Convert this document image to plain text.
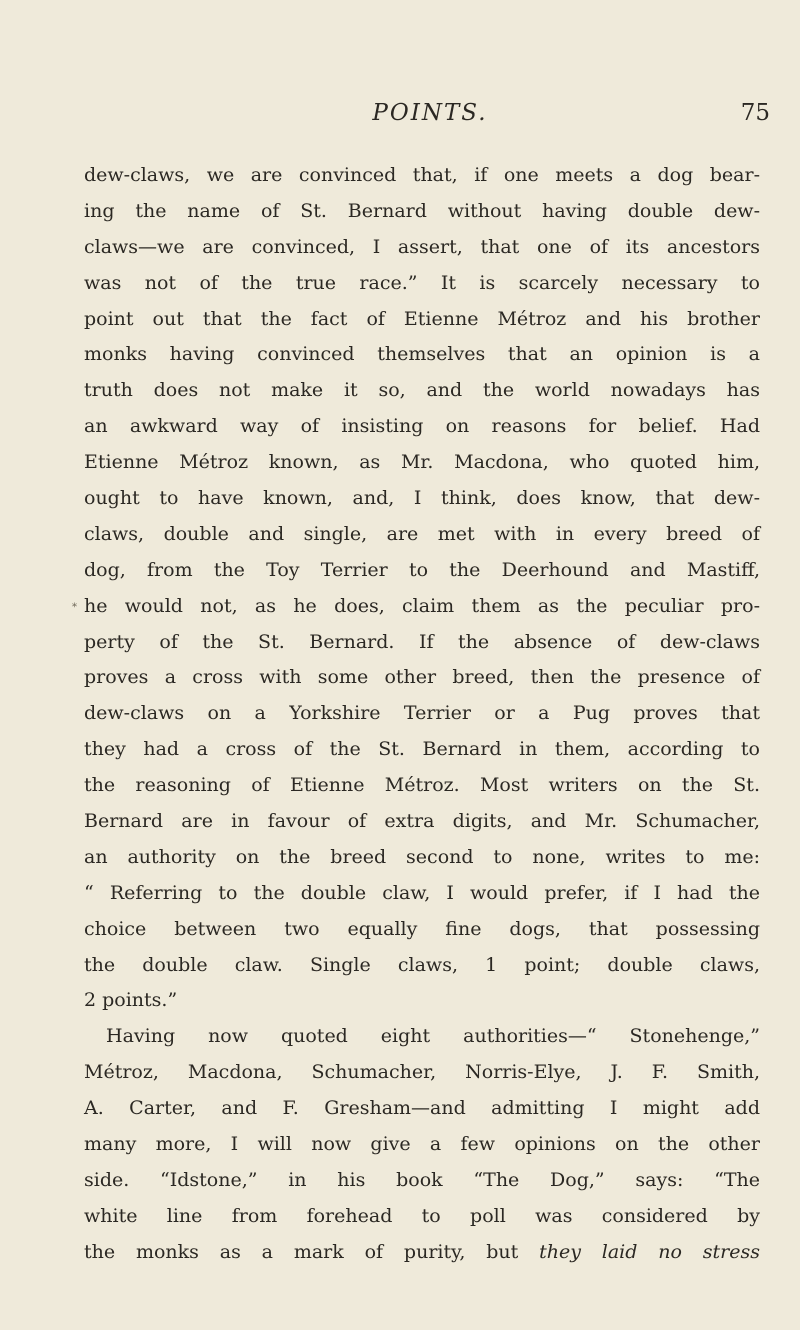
POINTS.	75
*
dew-claws, we are convinced that, if one meets a dog bear-
ing the name of St. Bernard without having double dew-
claws—we are convinced, I assert, that one of its ancestors
was not of the true race.” It is scarcely necessary to
point out that the fact of Etienne Métroz and his brother
monks having convinced themselves that an opinion is a
truth does not make it so, and the world nowadays has
an awkward way of insisting on reasons for belief. Had
Etienne Métroz known, as Mr. Macdona, who quoted him,
ought to have known, and, I think, does know, that dew-
claws, double and single, are met with in every breed of
dog, from the Toy Terrier to the Deerhound and Mastiff,
he would not, as he does, claim them as the peculiar pro-
perty of the St. Bernard. If the absence of dew-claws
proves a cross with some other breed, then the presence of
dew-claws on a Yorkshire Terrier or a Pug proves that
they had a cross of the St. Bernard in them, according to
the reasoning of Etienne Métroz. Most writers on the St.
Bernard are in favour of extra digits, and Mr. Schumacher,
an authority on the breed second to none, writes to me:
“ Referring to the double claw, I would prefer, if I had the
choice between two equally fine dogs, that possessing
the double claw. Single claws, 1 point; double claws,
2 points.”
Having now quoted eight authorities—“ Stonehenge,”
Métroz, Macdona, Schumacher, Norris-Elye, J. F. Smith,
A. Carter, and F. Gresham—and admitting I might add
many more, I will now give a few opinions on the other
side. “Idstone,” in his book “The Dog,” says: “The
white line from forehead to poll was considered by
the monks as a mark of purity, but they laid no stress
